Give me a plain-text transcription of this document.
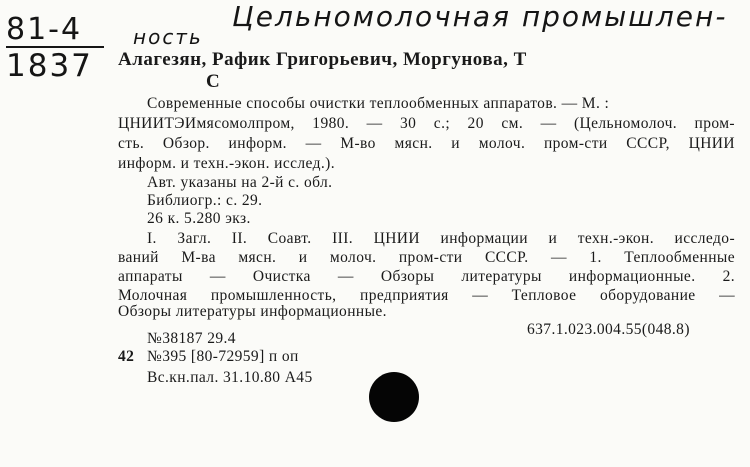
81-4
1837
Цельномолочная промышлен-
ность
Алагезян, Рафик Григорьевич, Моргунова, Т
С
Современные способы очистки теплообменных аппаратов. — М. :
ЦНИИТЭИмясомолпром, 1980. — 30 с.; 20 см. — (Цельномолоч. пром-
сть. Обзор. информ. — М-во мясн. и молоч. пром-сти СССР, ЦНИИ
информ. и техн.-экон. исслед.).
Авт. указаны на 2-й с. обл.
Библиогр.: с. 29.
26 к. 5.280 экз.
I. Загл. II. Соавт. III. ЦНИИ информации и техн.-экон. исследо-
ваний М-ва мясн. и молоч. пром-сти СССР. — 1. Теплообменные
аппараты — Очистка — Обзоры литературы информационные. 2.
Молочная промышленность, предприятия — Тепловое оборудование —
Обзоры литературы информационные.
№38187 29.4
637.1.023.004.55(048.8)
42 №395 [80-72959] п оп
Вс.кн.пал. 31.10.80 А45
